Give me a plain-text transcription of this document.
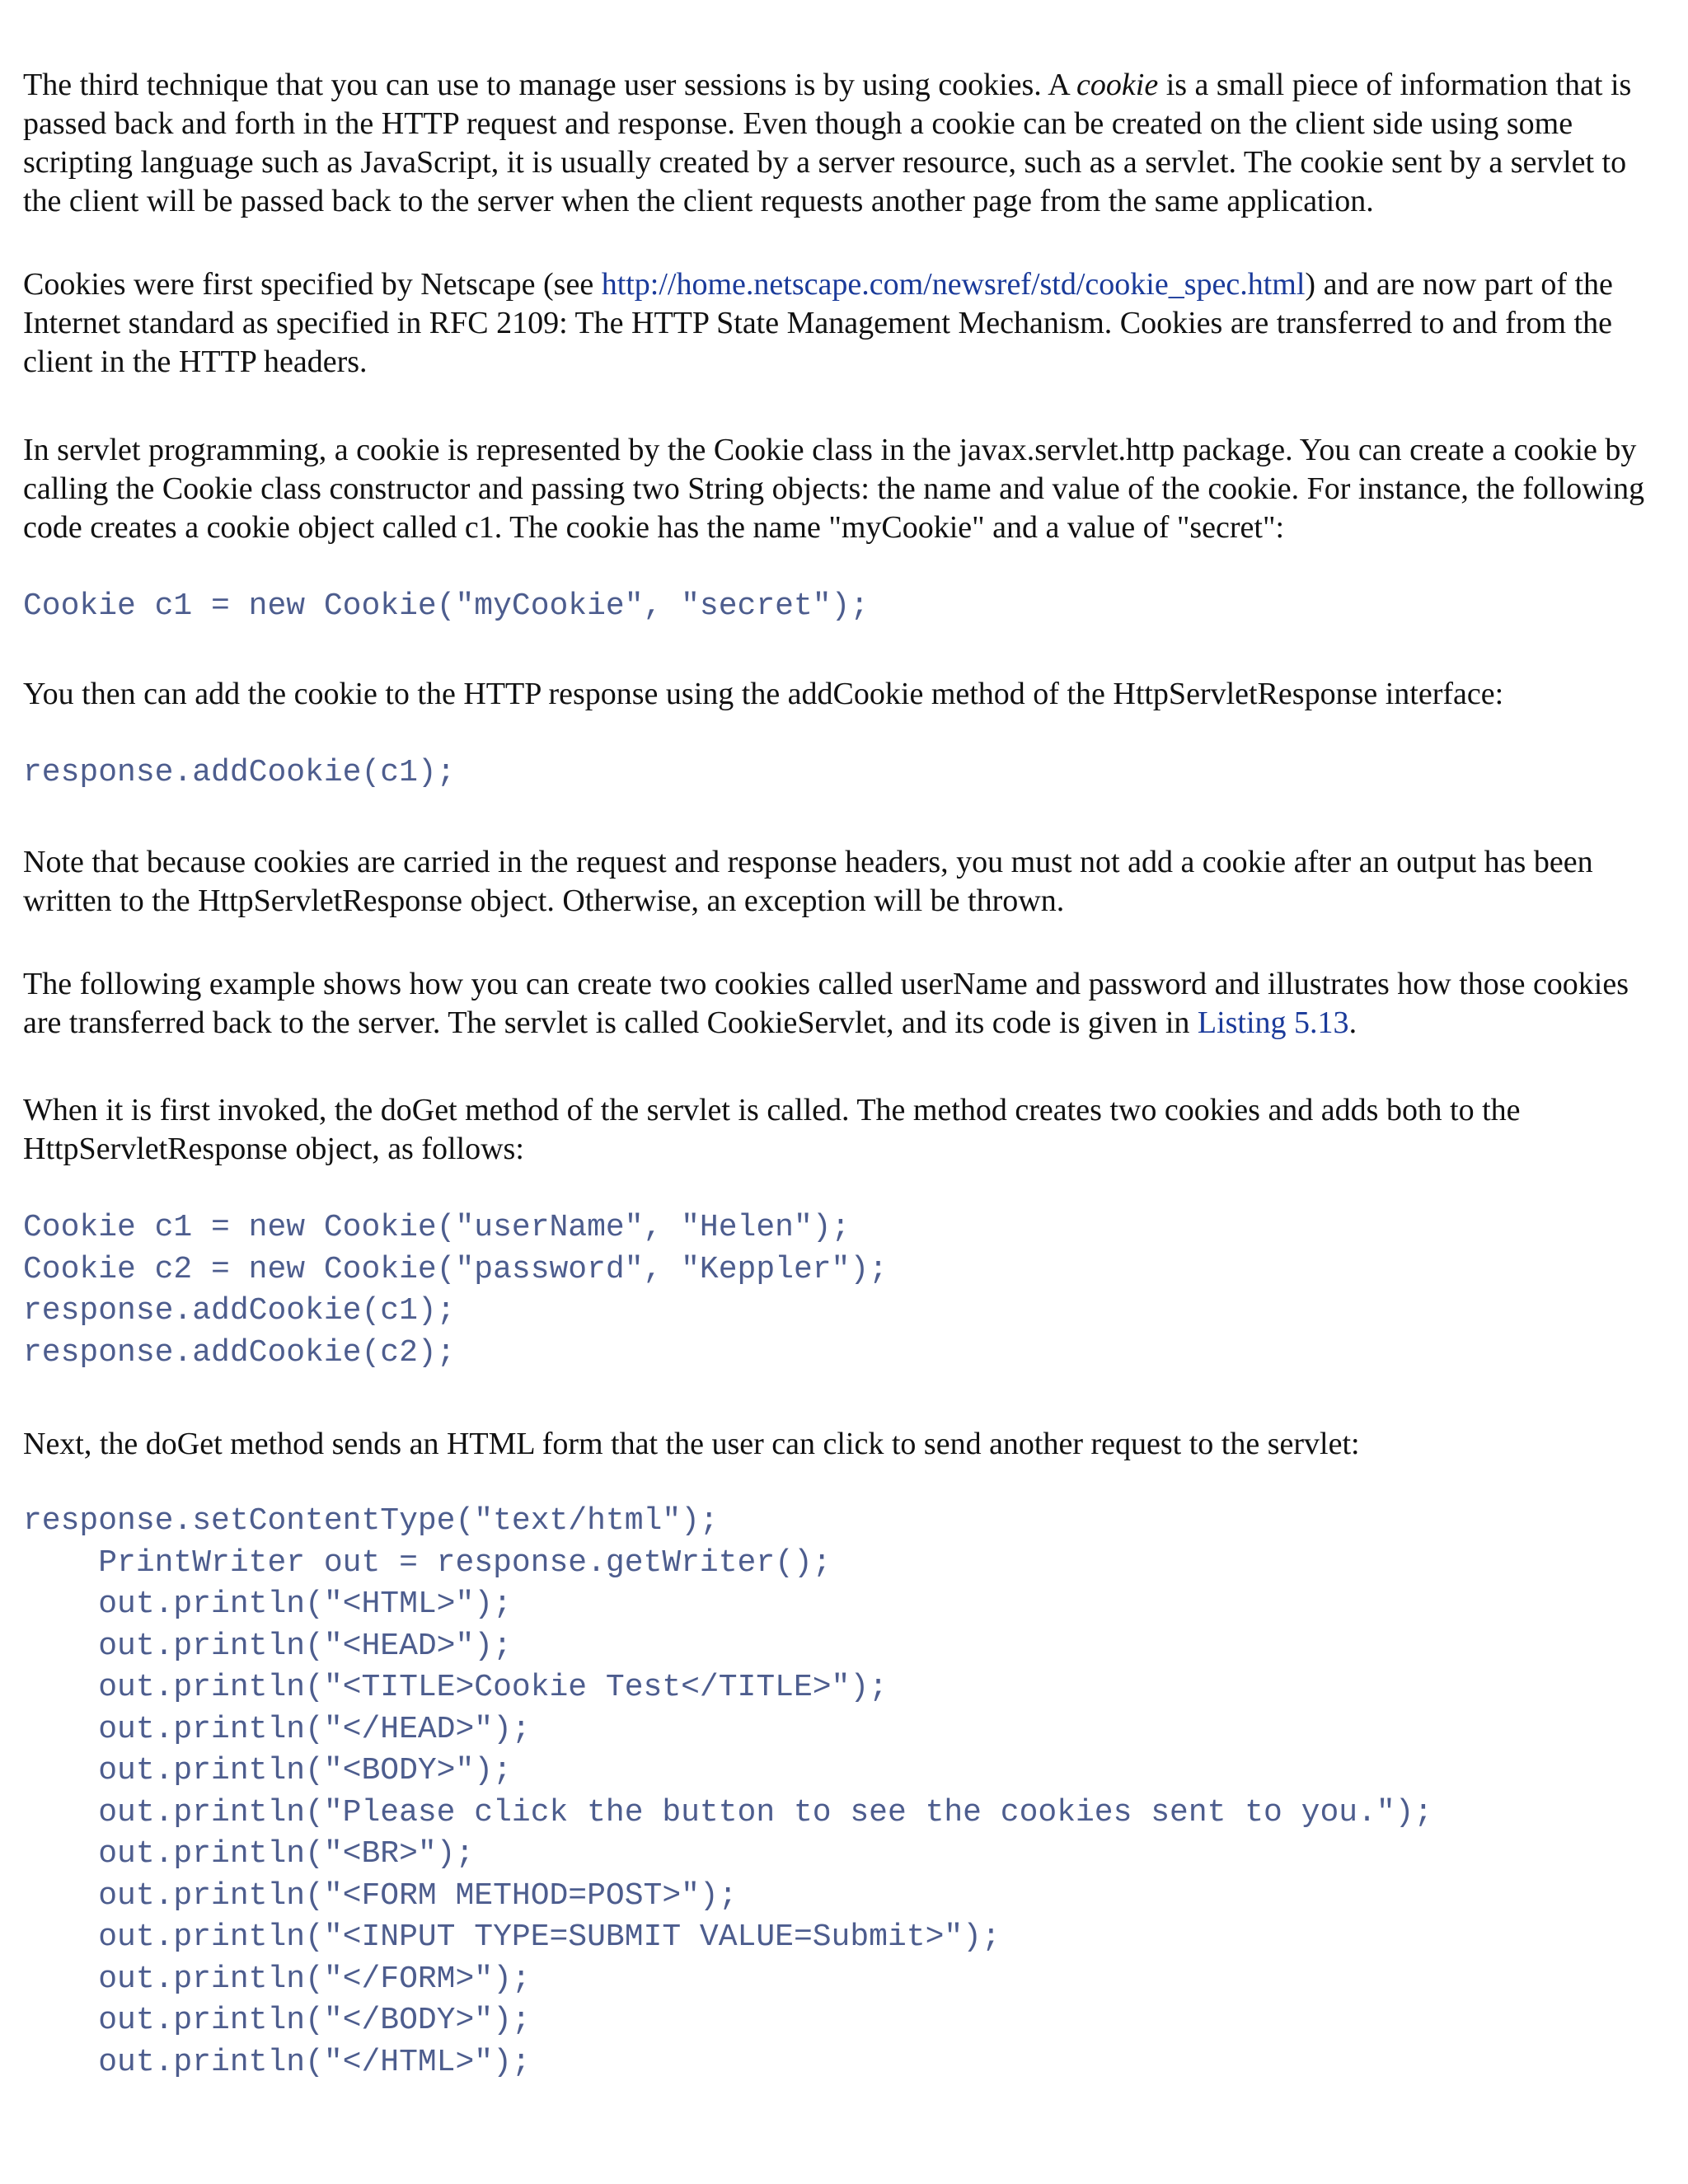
The third technique that you can use to manage user sessions is by using cookies. A cookie is a small piece of information that is passed back and forth in the HTTP request and response. Even though a cookie can be created on the client side using some scripting language such as JavaScript, it is usually created by a server resource, such as a servlet. The cookie sent by a servlet to the client will be passed back to the server when the client requests another page from the same application.

Cookies were first specified by Netscape (see http://home.netscape.com/newsref/std/cookie_spec.html) and are now part of the Internet standard as specified in RFC 2109: The HTTP State Management Mechanism. Cookies are transferred to and from the client in the HTTP headers.

In servlet programming, a cookie is represented by the Cookie class in the javax.servlet.http package. You can create a cookie by calling the Cookie class constructor and passing two String objects: the name and value of the cookie. For instance, the following code creates a cookie object called c1. The cookie has the name "myCookie" and a value of "secret":

Cookie c1 = new Cookie("myCookie", "secret");

You then can add the cookie to the HTTP response using the addCookie method of the HttpServletResponse interface:

response.addCookie(c1);

Note that because cookies are carried in the request and response headers, you must not add a cookie after an output has been written to the HttpServletResponse object. Otherwise, an exception will be thrown.

The following example shows how you can create two cookies called userName and password and illustrates how those cookies are transferred back to the server. The servlet is called CookieServlet, and its code is given in Listing 5.13.

When it is first invoked, the doGet method of the servlet is called. The method creates two cookies and adds both to the HttpServletResponse object, as follows:

Cookie c1 = new Cookie("userName", "Helen");
Cookie c2 = new Cookie("password", "Keppler");
response.addCookie(c1);
response.addCookie(c2);

Next, the doGet method sends an HTML form that the user can click to send another request to the servlet:

response.setContentType("text/html");
PrintWriter out = response.getWriter();
out.println("<HTML>");
out.println("<HEAD>");
out.println("<TITLE>Cookie Test</TITLE>");
out.println("</HEAD>");
out.println("<BODY>");
out.println("Please click the button to see the cookies sent to you.");
out.println("<BR>");
out.println("<FORM METHOD=POST>");
out.println("<INPUT TYPE=SUBMIT VALUE=Submit>");
out.println("</FORM>");
out.println("</BODY>");
out.println("</HTML>");
